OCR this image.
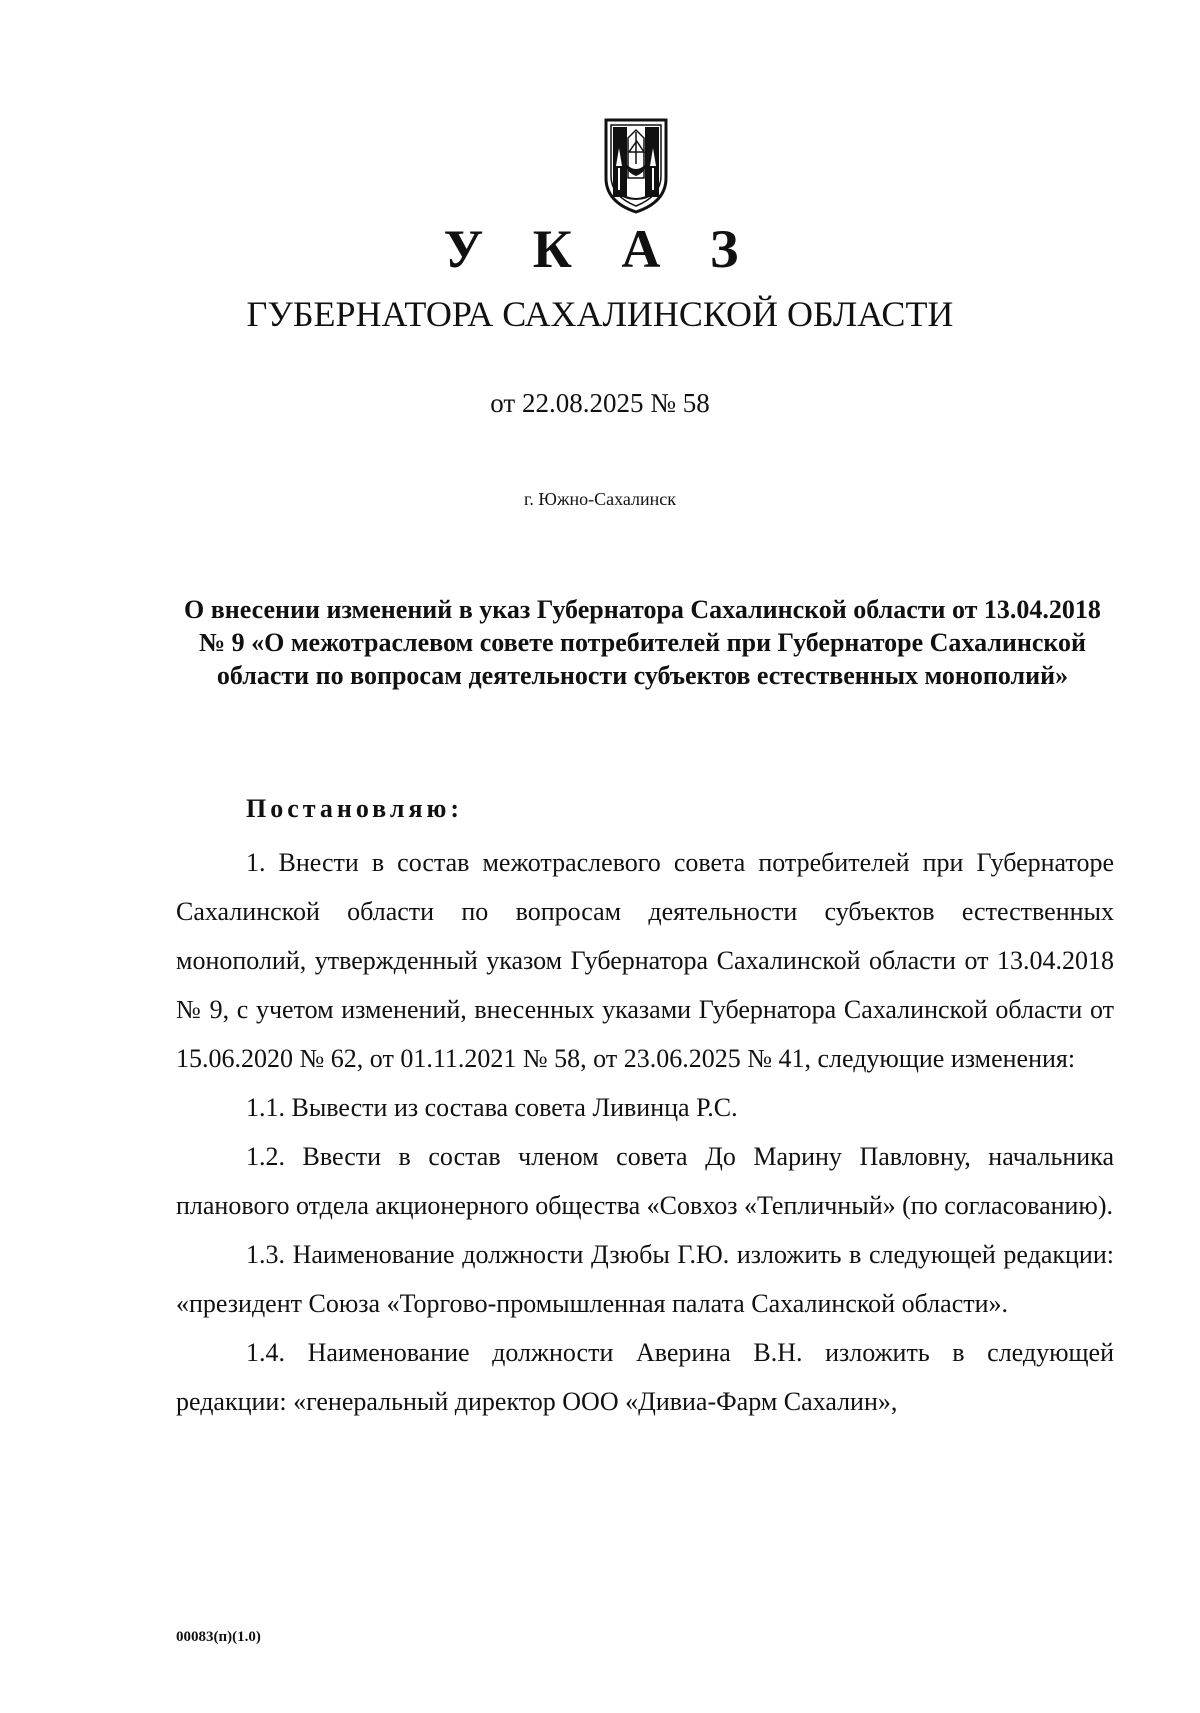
У К А З
ГУБЕРНАТОРА САХАЛИНСКОЙ ОБЛАСТИ
от 22.08.2025 № 58
г. Южно-Сахалинск
О внесении изменений в указ Губернатора Сахалинской области от 13.04.2018 № 9 «О межотраслевом совете потребителей при Губернаторе Сахалинской области по вопросам деятельности субъектов естественных монополий»
Постановляю:

1. Внести в состав межотраслевого совета потребителей при Губернаторе Сахалинской области по вопросам деятельности субъектов естественных монополий, утвержденный указом Губернатора Сахалинской области от 13.04.2018 № 9, с учетом изменений, внесенных указами Губернатора Сахалинской области от 15.06.2020 № 62, от 01.11.2021 № 58, от 23.06.2025 № 41, следующие изменения:

1.1. Вывести из состава совета Ливинца Р.С.

1.2. Ввести в состав членом совета До Марину Павловну, начальника планового отдела акционерного общества «Совхоз «Тепличный» (по согласованию).

1.3. Наименование должности Дзюбы Г.Ю. изложить в следующей редакции: «президент Союза «Торгово-промышленная палата Сахалинской области».

1.4. Наименование должности Аверина В.Н. изложить в следующей редакции: «генеральный директор ООО «Дивиа-Фарм Сахалин»,

00083(п)(1.0)
